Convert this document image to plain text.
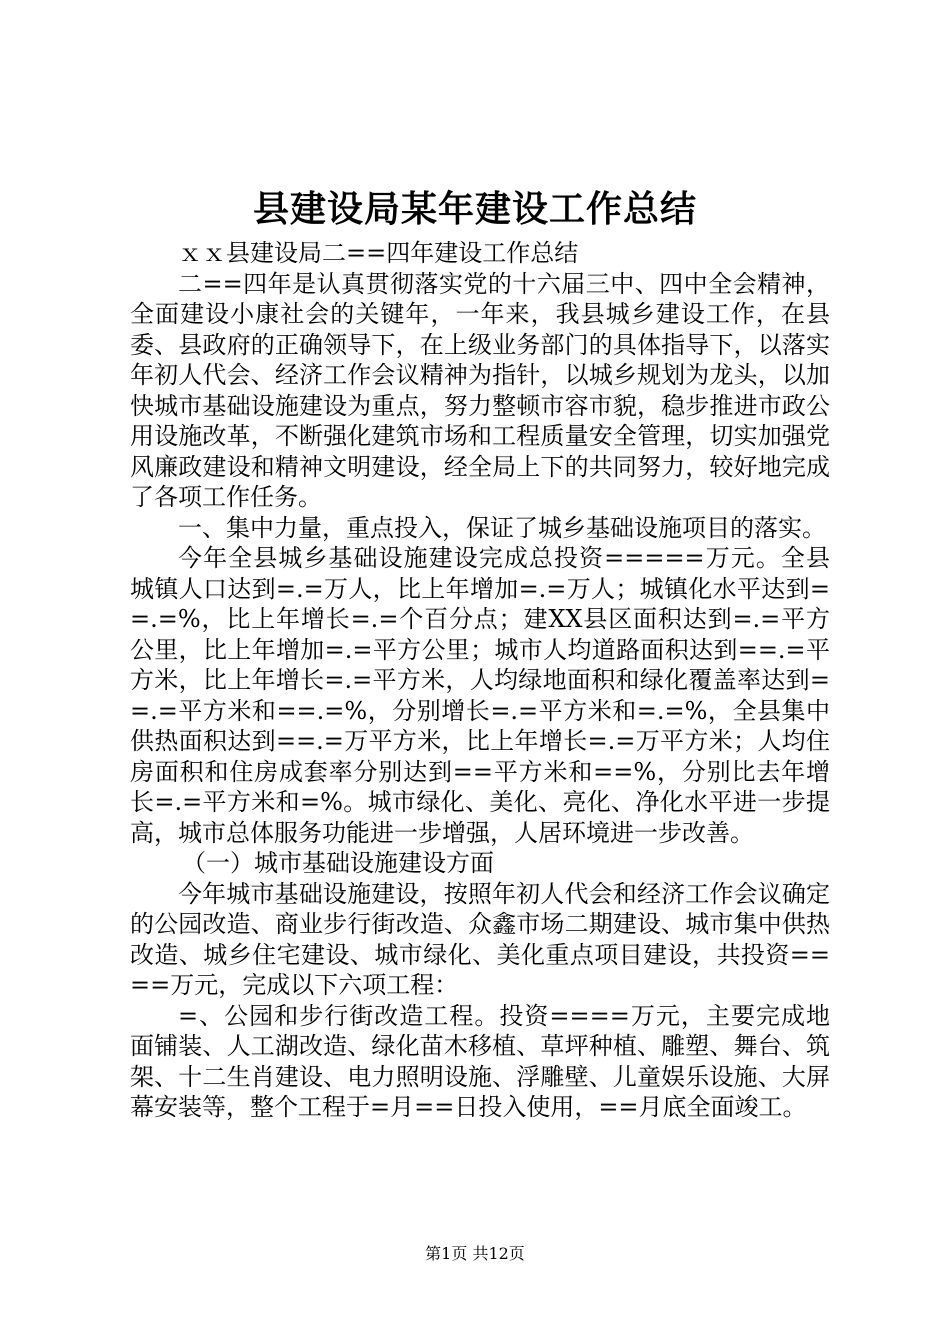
县建设局某年建设工作总结

ｘｘ县建设局二==四年建设工作总结

二==四年是认真贯彻落实党的十六届三中、四中全会精神，全面建设小康社会的关键年，一年来，我县城乡建设工作，在县委、县政府的正确领导下，在上级业务部门的具体指导下，以落实年初人代会、经济工作会议精神为指针，以城乡规划为龙头，以加快城市基础设施建设为重点，努力整顿市容市貌，稳步推进市政公用设施改革，不断强化建筑市场和工程质量安全管理，切实加强党风廉政建设和精神文明建设，经全局上下的共同努力，较好地完成了各项工作任务。

一、集中力量，重点投入，保证了城乡基础设施项目的落实。

今年全县城乡基础设施建设完成总投资=====万元。全县城镇人口达到=.=万人，比上年增加=.=万人；城镇化水平达到==.=%，比上年增长=.=个百分点；建XX县区面积达到=.=平方公里，比上年增加=.=平方公里；城市人均道路面积达到==.=平方米，比上年增长=.=平方米，人均绿地面积和绿化覆盖率达到==.=平方米和==.=%，分别增长=.=平方米和=.=%，全县集中供热面积达到==.=万平方米，比上年增长=.=万平方米；人均住房面积和住房成套率分别达到==平方米和==%，分别比去年增长=.=平方米和=%。城市绿化、美化、亮化、净化水平进一步提高，城市总体服务功能进一步增强，人居环境进一步改善。

（一）城市基础设施建设方面

今年城市基础设施建设，按照年初人代会和经济工作会议确定的公园改造、商业步行街改造、众鑫市场二期建设、城市集中供热改造、城乡住宅建设、城市绿化、美化重点项目建设，共投资====万元，完成以下六项工程：

=、公园和步行街改造工程。投资====万元，主要完成地面铺装、人工湖改造、绿化苗木移植、草坪种植、雕塑、舞台、筑架、十二生肖建设、电力照明设施、浮雕壁、儿童娱乐设施、大屏幕安装等，整个工程于=月==日投入使用，==月底全面竣工。

第1页 共12页
